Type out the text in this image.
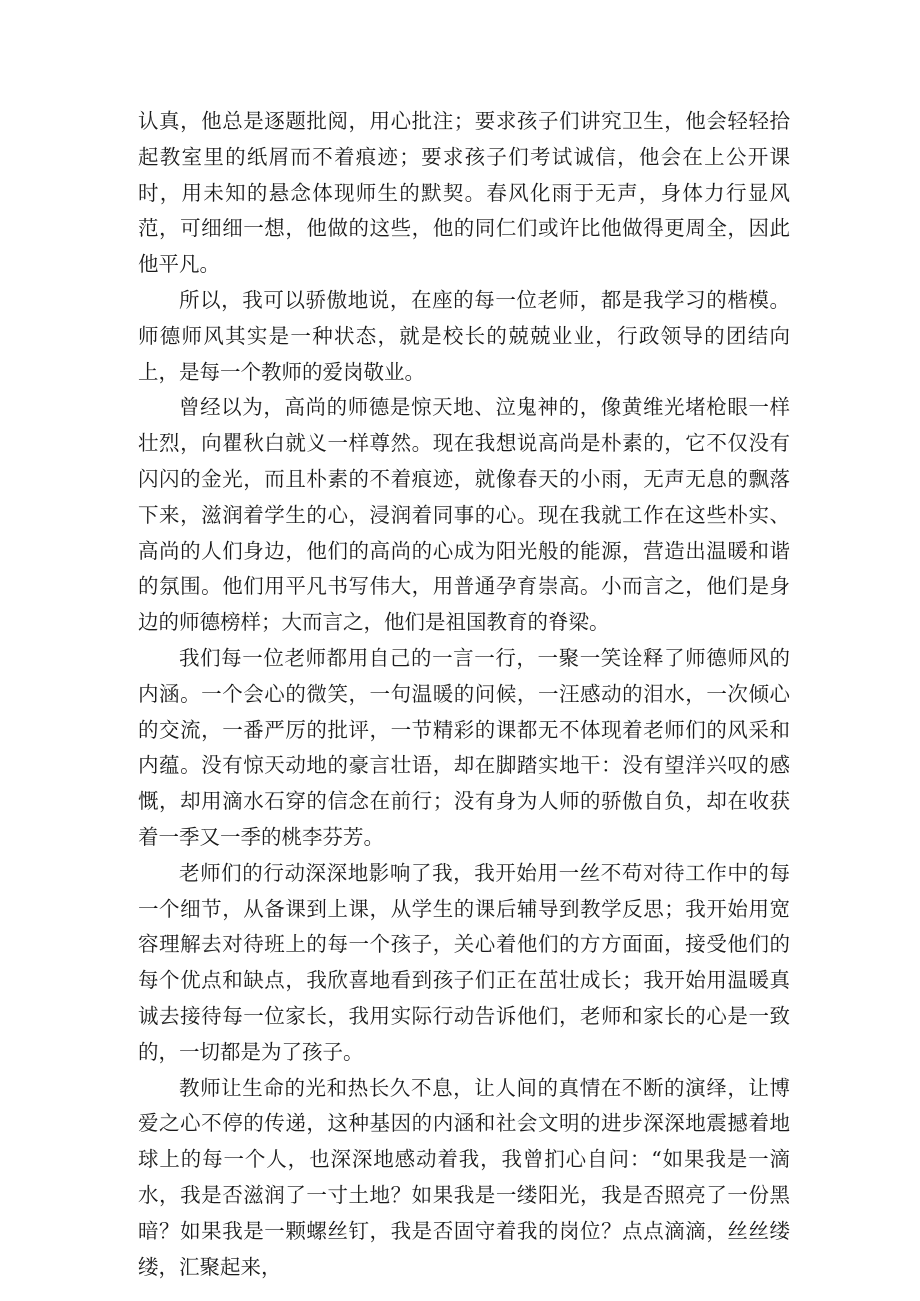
认真，他总是逐题批阅，用心批注；要求孩子们讲究卫生，他会轻轻拾起教室里的纸屑而不着痕迹；要求孩子们考试诚信，他会在上公开课时，用未知的悬念体现师生的默契。春风化雨于无声，身体力行显风范，可细细一想，他做的这些，他的同仁们或许比他做得更周全，因此他平凡。

所以，我可以骄傲地说，在座的每一位老师，都是我学习的楷模。师德师风其实是一种状态，就是校长的兢兢业业，行政领导的团结向上，是每一个教师的爱岗敬业。

曾经以为，高尚的师德是惊天地、泣鬼神的，像黄维光堵枪眼一样壮烈，向瞿秋白就义一样尊然。现在我想说高尚是朴素的，它不仅没有闪闪的金光，而且朴素的不着痕迹，就像春天的小雨，无声无息的飘落下来，滋润着学生的心，浸润着同事的心。现在我就工作在这些朴实、高尚的人们身边，他们的高尚的心成为阳光般的能源，营造出温暖和谐的氛围。他们用平凡书写伟大，用普通孕育崇高。小而言之，他们是身边的师德榜样；大而言之，他们是祖国教育的脊梁。

我们每一位老师都用自己的一言一行，一聚一笑诠释了师德师风的内涵。一个会心的微笑，一句温暖的问候，一汪感动的泪水，一次倾心的交流，一番严厉的批评，一节精彩的课都无不体现着老师们的风采和内蕴。没有惊天动地的豪言壮语，却在脚踏实地干：没有望洋兴叹的感慨，却用滴水石穿的信念在前行；没有身为人师的骄傲自负，却在收获着一季又一季的桃李芬芳。

老师们的行动深深地影响了我，我开始用一丝不苟对待工作中的每一个细节，从备课到上课，从学生的课后辅导到教学反思；我开始用宽容理解去对待班上的每一个孩子，关心着他们的方方面面，接受他们的每个优点和缺点，我欣喜地看到孩子们正在茁壮成长；我开始用温暖真诚去接待每一位家长，我用实际行动告诉他们，老师和家长的心是一致的，一切都是为了孩子。

教师让生命的光和热长久不息，让人间的真情在不断的演绎，让博爱之心不停的传递，这种基因的内涵和社会文明的进步深深地震撼着地球上的每一个人，也深深地感动着我，我曾扪心自问：“如果我是一滴水，我是否滋润了一寸土地？如果我是一缕阳光，我是否照亮了一份黑暗？如果我是一颗螺丝钉，我是否固守着我的岗位？点点滴滴，丝丝缕缕，汇聚起来，
